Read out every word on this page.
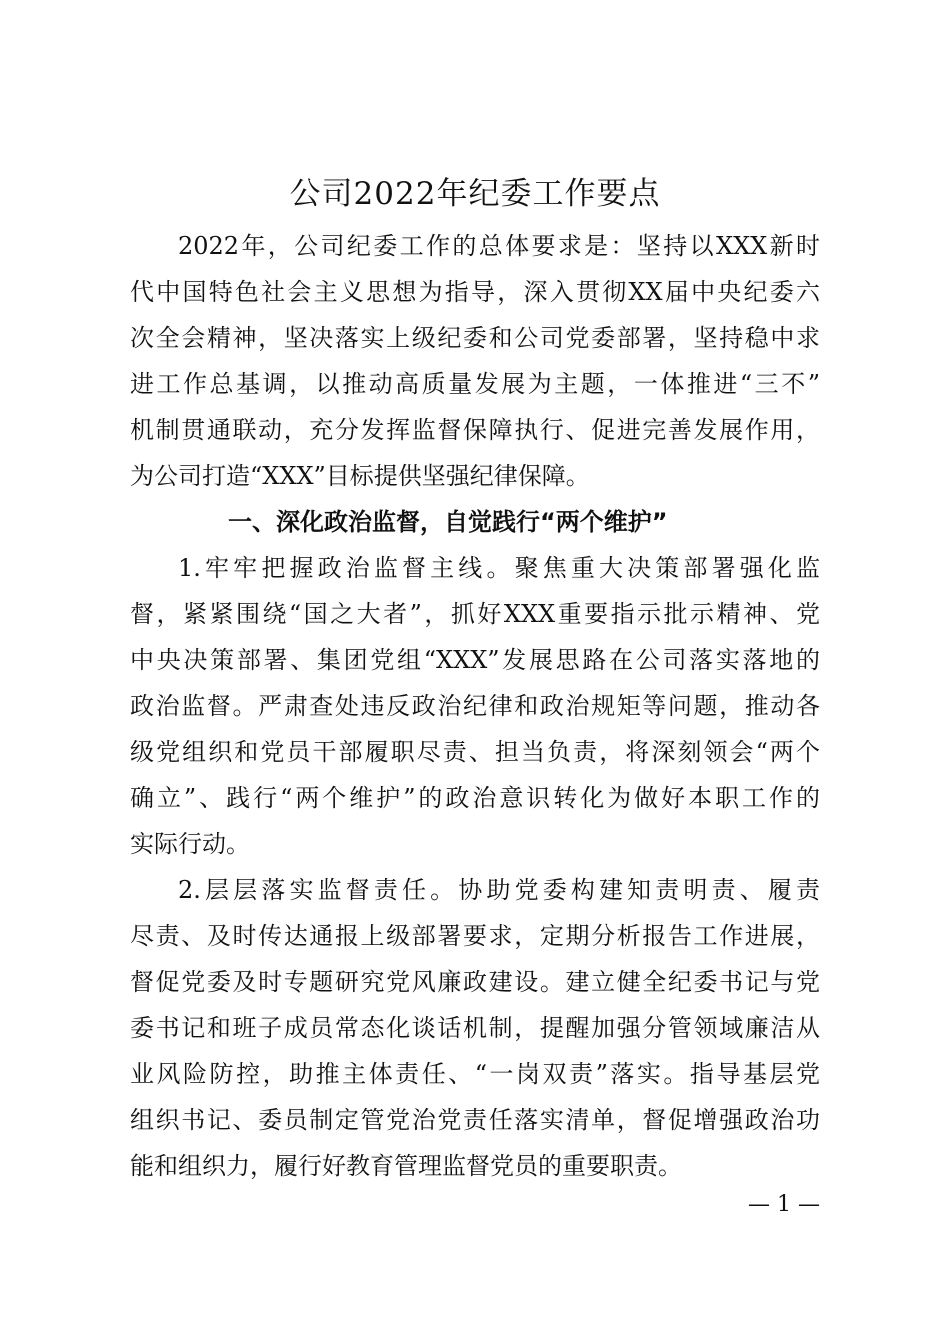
公司2022年纪委工作要点
2022年，公司纪委工作的总体要求是：坚持以XXX新时
代中国特色社会主义思想为指导，深入贯彻XX届中央纪委六
次全会精神，坚决落实上级纪委和公司党委部署，坚持稳中求
进工作总基调，以推动高质量发展为主题，一体推进“三不”
机制贯通联动，充分发挥监督保障执行、促进完善发展作用，
为公司打造“XXX”目标提供坚强纪律保障。
一、深化政治监督，自觉践行“两个维护”
1.牢牢把握政治监督主线。聚焦重大决策部署强化监
督，紧紧围绕“国之大者”，抓好XXX重要指示批示精神、党
中央决策部署、集团党组“XXX”发展思路在公司落实落地的
政治监督。严肃查处违反政治纪律和政治规矩等问题，推动各
级党组织和党员干部履职尽责、担当负责，将深刻领会“两个
确立”、践行“两个维护”的政治意识转化为做好本职工作的
实际行动。
2.层层落实监督责任。协助党委构建知责明责、履责
尽责、及时传达通报上级部署要求，定期分析报告工作进展，
督促党委及时专题研究党风廉政建设。建立健全纪委书记与党
委书记和班子成员常态化谈话机制，提醒加强分管领域廉洁从
业风险防控，助推主体责任、“一岗双责”落实。指导基层党
组织书记、委员制定管党治党责任落实清单，督促增强政治功
能和组织力，履行好教育管理监督党员的重要职责。
— 1 —
